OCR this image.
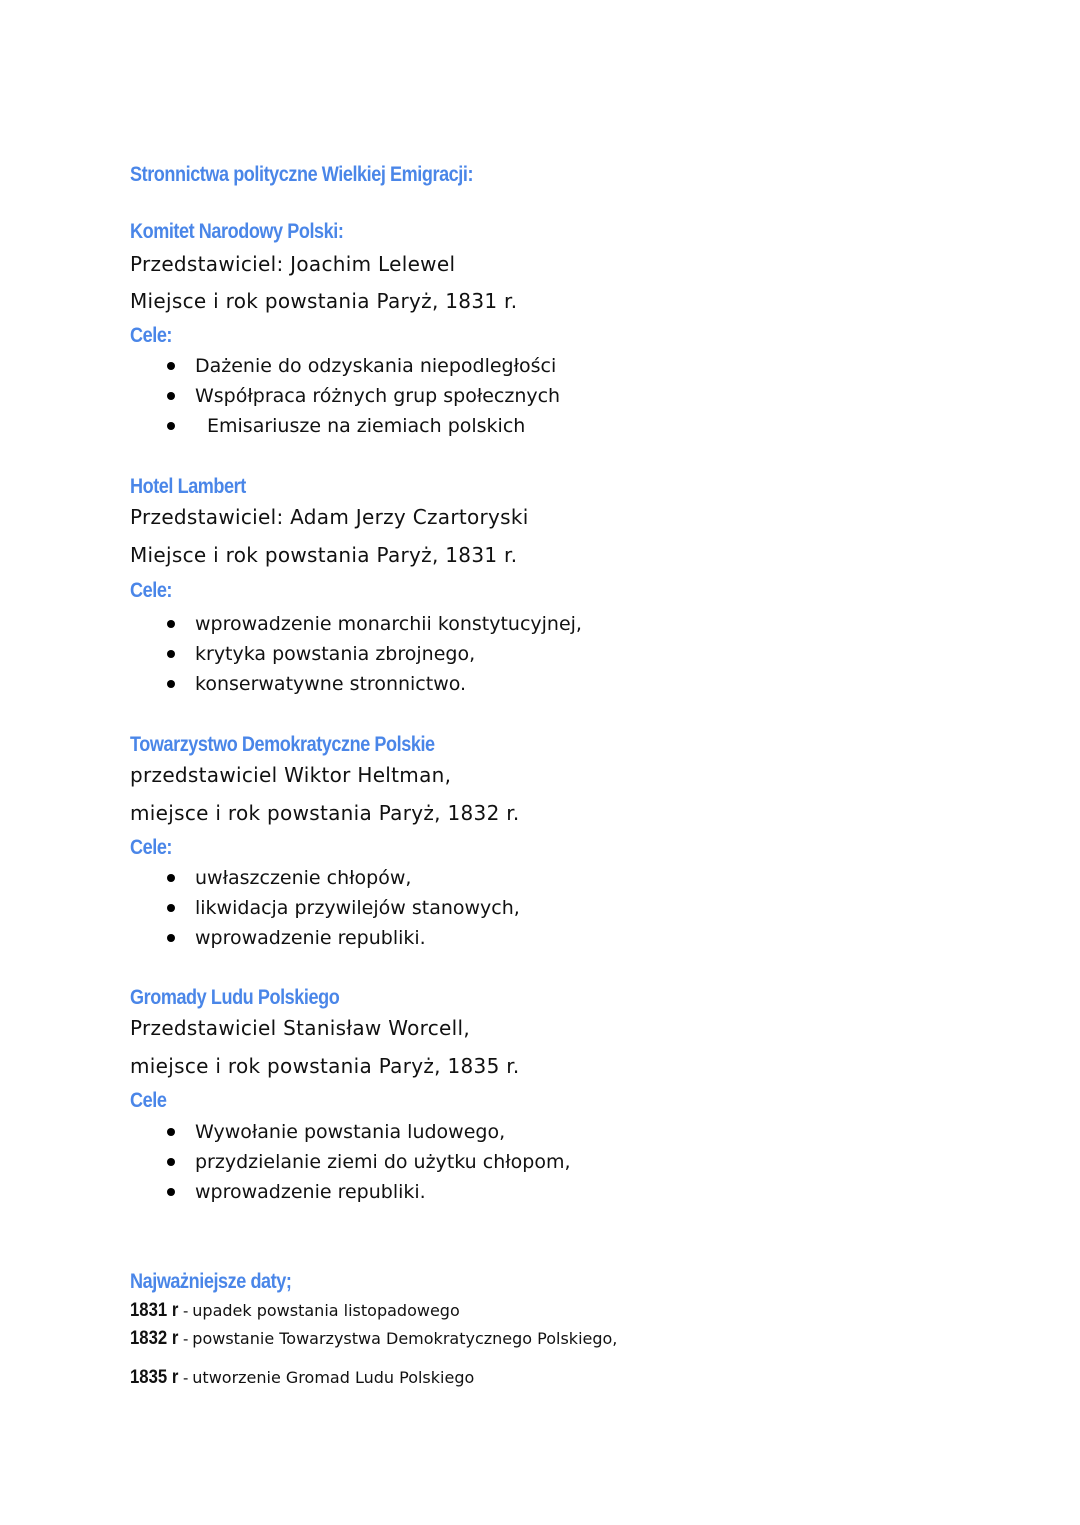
Stronnictwa polityczne Wielkiej Emigracji:
Komitet Narodowy Polski:
Przedstawiciel: Joachim Lelewel
Miejsce i rok powstania Paryż, 1831 r.
Cele:
Dażenie do odzyskania niepodległości
Współpraca różnych grup społecznych
Emisariusze na ziemiach polskich
Hotel Lambert
Przedstawiciel: Adam Jerzy Czartoryski
Miejsce i rok powstania Paryż, 1831 r.
Cele:
wprowadzenie monarchii konstytucyjnej,
krytyka powstania zbrojnego,
konserwatywne stronnictwo.
Towarzystwo Demokratyczne Polskie
przedstawiciel Wiktor Heltman,
miejsce i rok powstania Paryż, 1832 r.
Cele:
uwłaszczenie chłopów,
likwidacja przywilejów stanowych,
wprowadzenie republiki.
Gromady Ludu Polskiego
Przedstawiciel Stanisław Worcell,
miejsce i rok powstania Paryż, 1835 r.
Cele
Wywołanie powstania ludowego,
przydzielanie ziemi do użytku chłopom,
wprowadzenie republiki.
Najważniejsze daty;
1831 r - upadek powstania listopadowego
1832 r - powstanie Towarzystwa Demokratycznego Polskiego,
1835 r - utworzenie Gromad Ludu Polskiego
